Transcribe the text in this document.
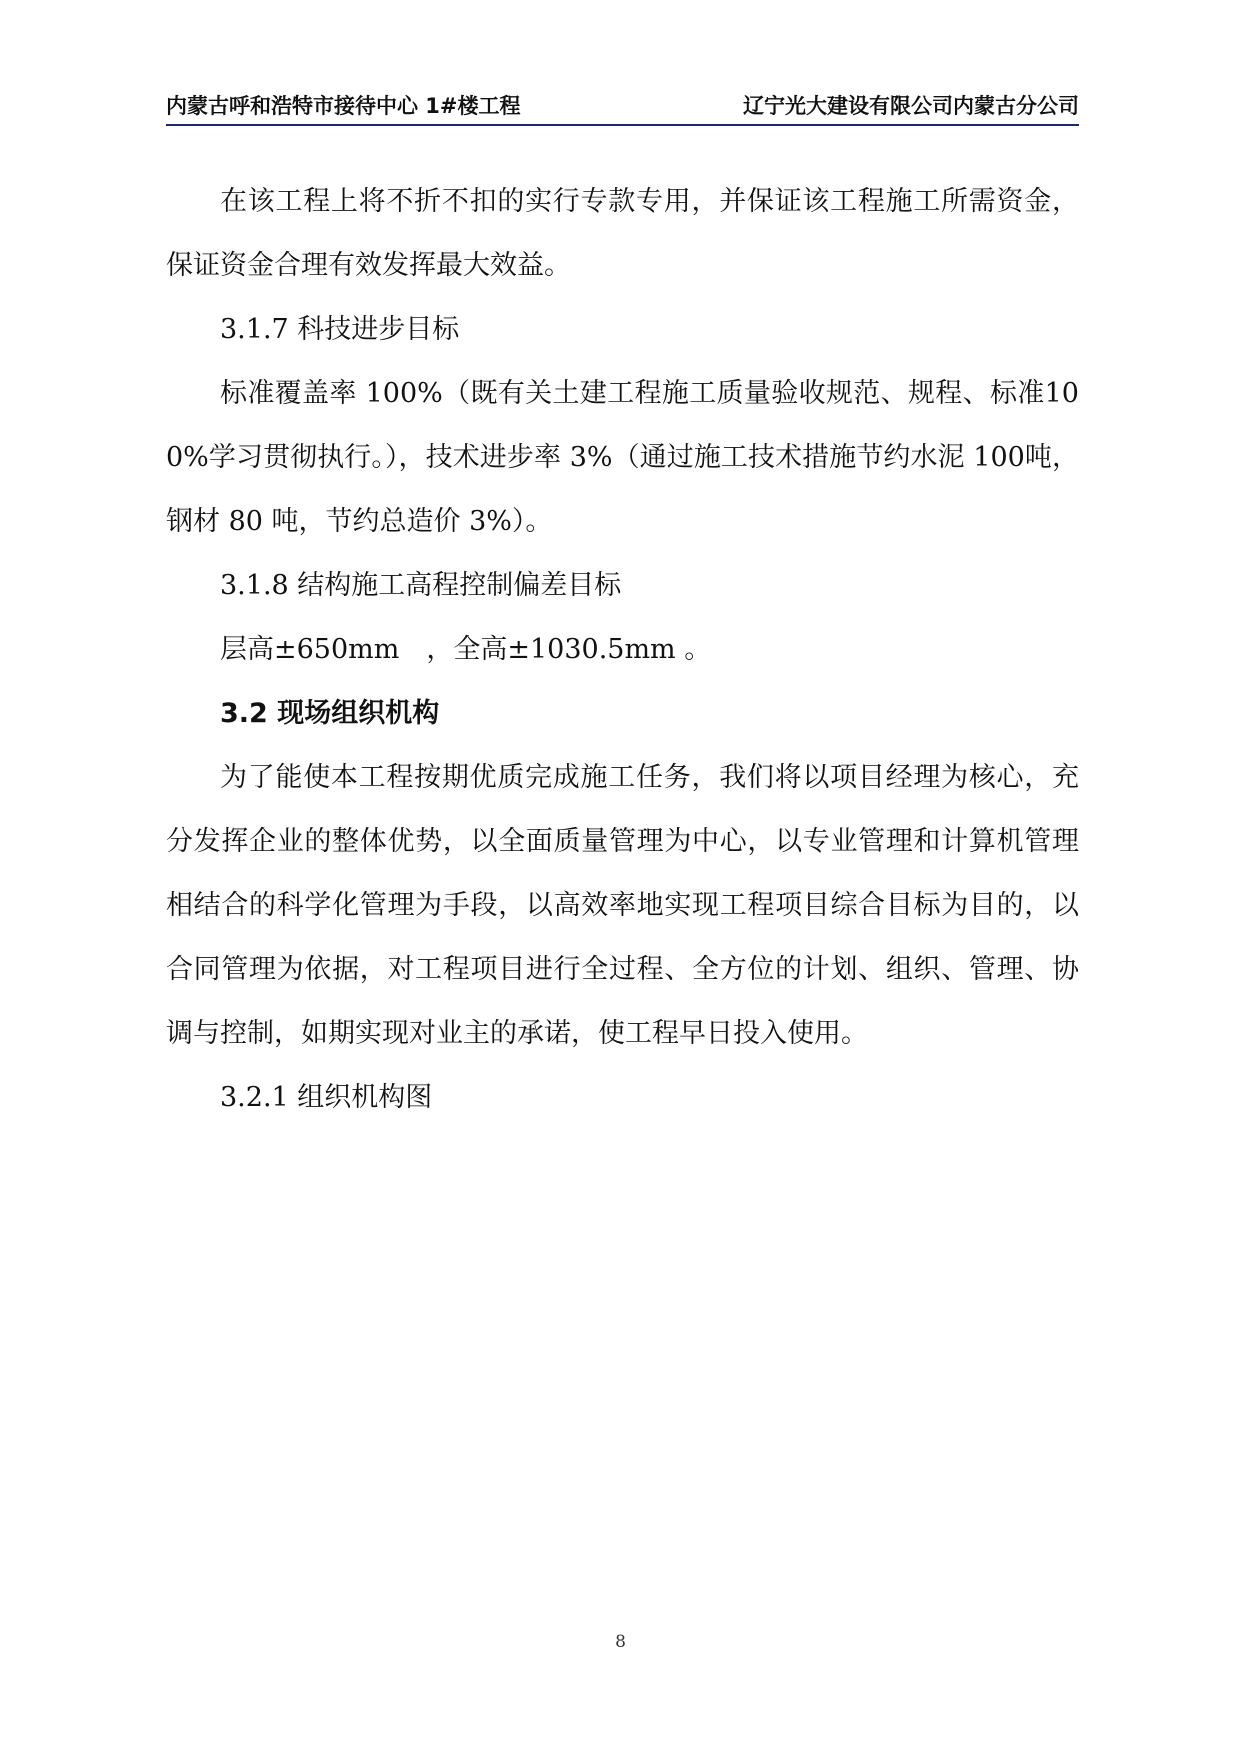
内蒙古呼和浩特市接待中心 1#楼工程	辽宁光大建设有限公司内蒙古分公司

在该工程上将不折不扣的实行专款专用，并保证该工程施工所需资金，保证资金合理有效发挥最大效益。

3.1.7 科技进步目标

标准覆盖率 100%（既有关土建工程施工质量验收规范、规程、标准100%学习贯彻执行。），技术进步率 3%（通过施工技术措施节约水泥 100吨，钢材 80 吨，节约总造价 3%）。

3.1.8 结构施工高程控制偏差目标

层高±650mm　，全高±1030.5mm 。

3.2 现场组织机构

为了能使本工程按期优质完成施工任务，我们将以项目经理为核心，充分发挥企业的整体优势，以全面质量管理为中心，以专业管理和计算机管理相结合的科学化管理为手段，以高效率地实现工程项目综合目标为目的，以合同管理为依据，对工程项目进行全过程、全方位的计划、组织、管理、协调与控制，如期实现对业主的承诺，使工程早日投入使用。

3.2.1 组织机构图

8
